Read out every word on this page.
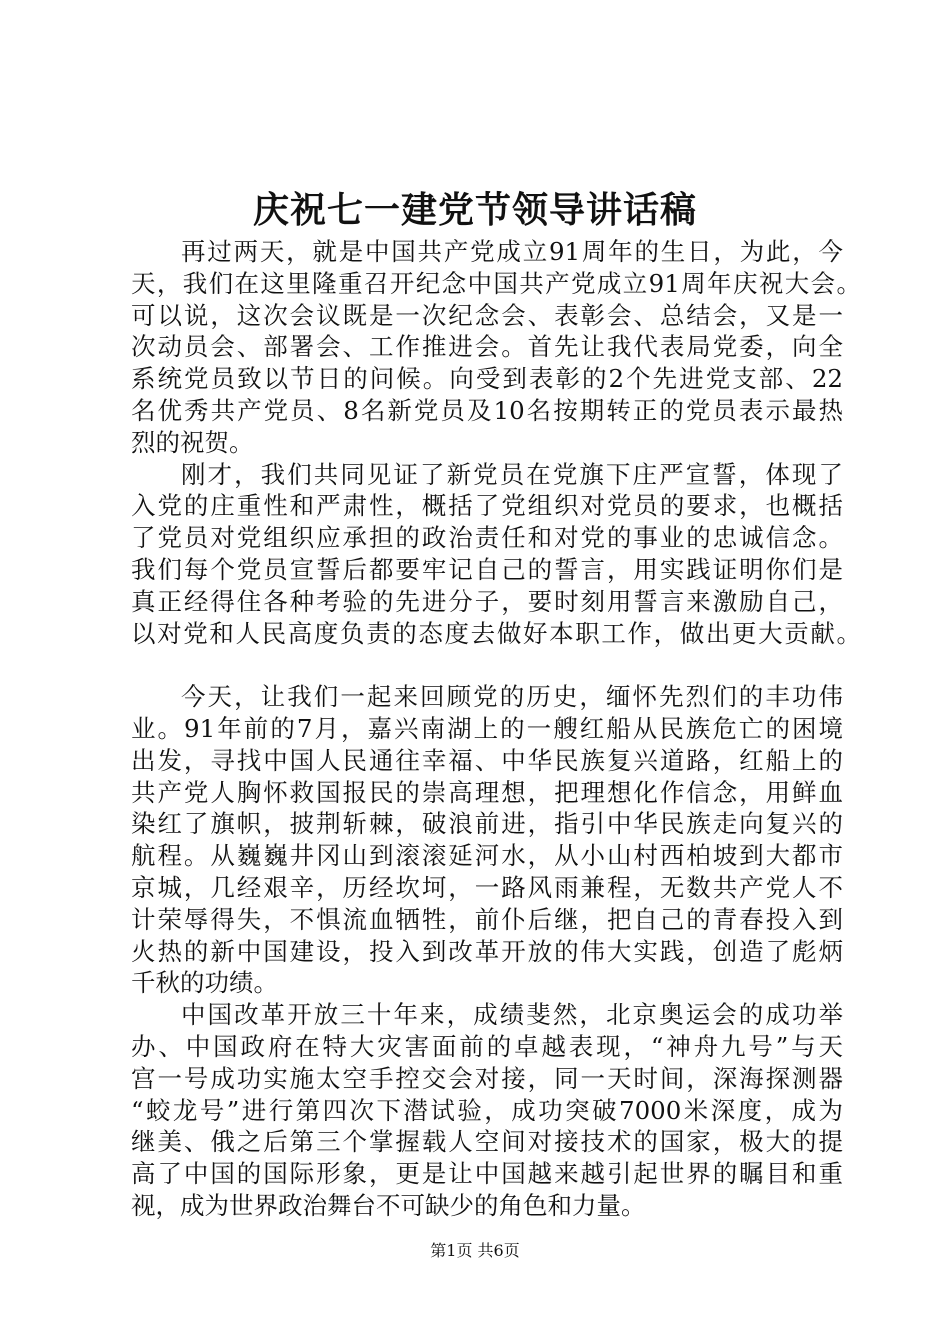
庆祝七一建党节领导讲话稿
再过两天，就是中国共产党成立91周年的生日，为此，今
天，我们在这里隆重召开纪念中国共产党成立91周年庆祝大会。
可以说，这次会议既是一次纪念会、表彰会、总结会，又是一
次动员会、部署会、工作推进会。首先让我代表局党委，向全
系统党员致以节日的问候。向受到表彰的2个先进党支部、22
名优秀共产党员、8名新党员及10名按期转正的党员表示最热
烈的祝贺。
刚才，我们共同见证了新党员在党旗下庄严宣誓，体现了
入党的庄重性和严肃性，概括了党组织对党员的要求，也概括
了党员对党组织应承担的政治责任和对党的事业的忠诚信念。
我们每个党员宣誓后都要牢记自己的誓言，用实践证明你们是
真正经得住各种考验的先进分子，要时刻用誓言来激励自己，
以对党和人民高度负责的态度去做好本职工作，做出更大贡献。
今天，让我们一起来回顾党的历史，缅怀先烈们的丰功伟
业。91年前的7月，嘉兴南湖上的一艘红船从民族危亡的困境
出发，寻找中国人民通往幸福、中华民族复兴道路，红船上的
共产党人胸怀救国报民的崇高理想，把理想化作信念，用鲜血
染红了旗帜，披荆斩棘，破浪前进，指引中华民族走向复兴的
航程。从巍巍井冈山到滚滚延河水，从小山村西柏坡到大都市
京城，几经艰辛，历经坎坷，一路风雨兼程，无数共产党人不
计荣辱得失，不惧流血牺牲，前仆后继，把自己的青春投入到
火热的新中国建设，投入到改革开放的伟大实践，创造了彪炳
千秋的功绩。
中国改革开放三十年来，成绩斐然，北京奥运会的成功举
办、中国政府在特大灾害面前的卓越表现，“神舟九号”与天
宫一号成功实施太空手控交会对接，同一天时间，深海探测器
“蛟龙号”进行第四次下潜试验，成功突破7000米深度，成为
继美、俄之后第三个掌握载人空间对接技术的国家，极大的提
高了中国的国际形象，更是让中国越来越引起世界的瞩目和重
视，成为世界政治舞台不可缺少的角色和力量。
第1页 共6页
